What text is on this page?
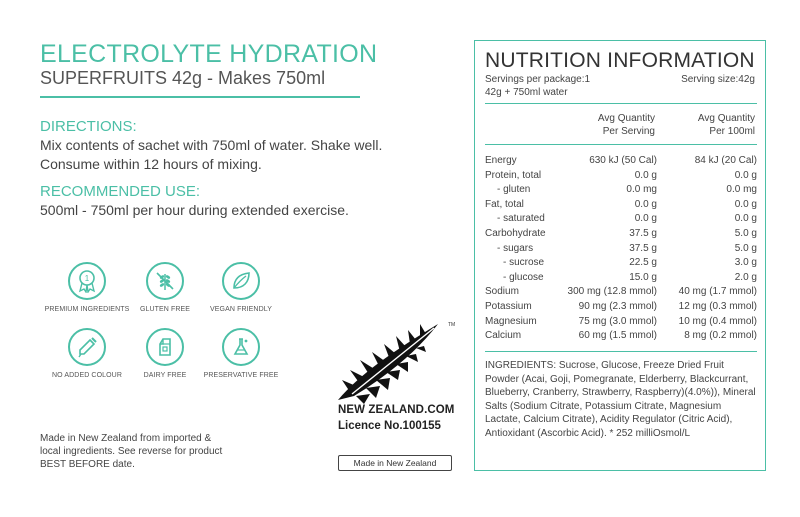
ELECTROLYTE HYDRATION
SUPERFRUITS 42g - Makes 750ml
DIRECTIONS:
Mix contents of sachet with 750ml of water. Shake well.
Consume within 12 hours of mixing.
RECOMMENDED USE:
500ml - 750ml per hour during extended exercise.
1
PREMIUM INGREDIENTS	GLUTEN FREE	VEGAN FRIENDLY
NO ADDED COLOUR	DAIRY FREE	PRESERVATIVE FREE
Made in New Zealand from imported &
local ingredients. See reverse for product
BEST BEFORE date.
TM
NEW ZEALAND.COM
Licence No.100155
Made in New Zealand
NUTRITION INFORMATION
Servings per package:1	Serving size:42g
42g + 750ml water
Avg Quantity
Per Serving
Avg Quantity
Per 100ml
Energy	630 kJ (50 Cal)	84 kJ (20 Cal)
Protein, total	0.0 g	0.0 g
- gluten	0.0 mg	0.0 mg
Fat, total	0.0 g	0.0 g
- saturated	0.0 g	0.0 g
Carbohydrate	37.5 g	5.0 g
- sugars	37.5 g	5.0 g
- sucrose	22.5 g	3.0 g
- glucose	15.0 g	2.0 g
Sodium	300 mg (12.8 mmol) 40 mg (1.7 mmol)
Potassium	90 mg (2.3 mmol) 12 mg (0.3 mmol)
Magnesium	75 mg (3.0 mmol) 10 mg (0.4 mmol)
Calcium	60 mg (1.5 mmol)	8 mg (0.2 mmol)
INGREDIENTS: Sucrose, Glucose, Freeze Dried Fruit Powder (Acai, Goji, Pomegranate, Elderberry, Blackcurrant, Blueberry, Cranberry, Strawberry, Raspberry)(4.0%)), Mineral Salts (Sodium Citrate, Potassium Citrate, Magnesium Lactate, Calcium Citrate), Acidity Regulator (Citric Acid), Antioxidant (Ascorbic Acid). * 252 milliOsmol/L
